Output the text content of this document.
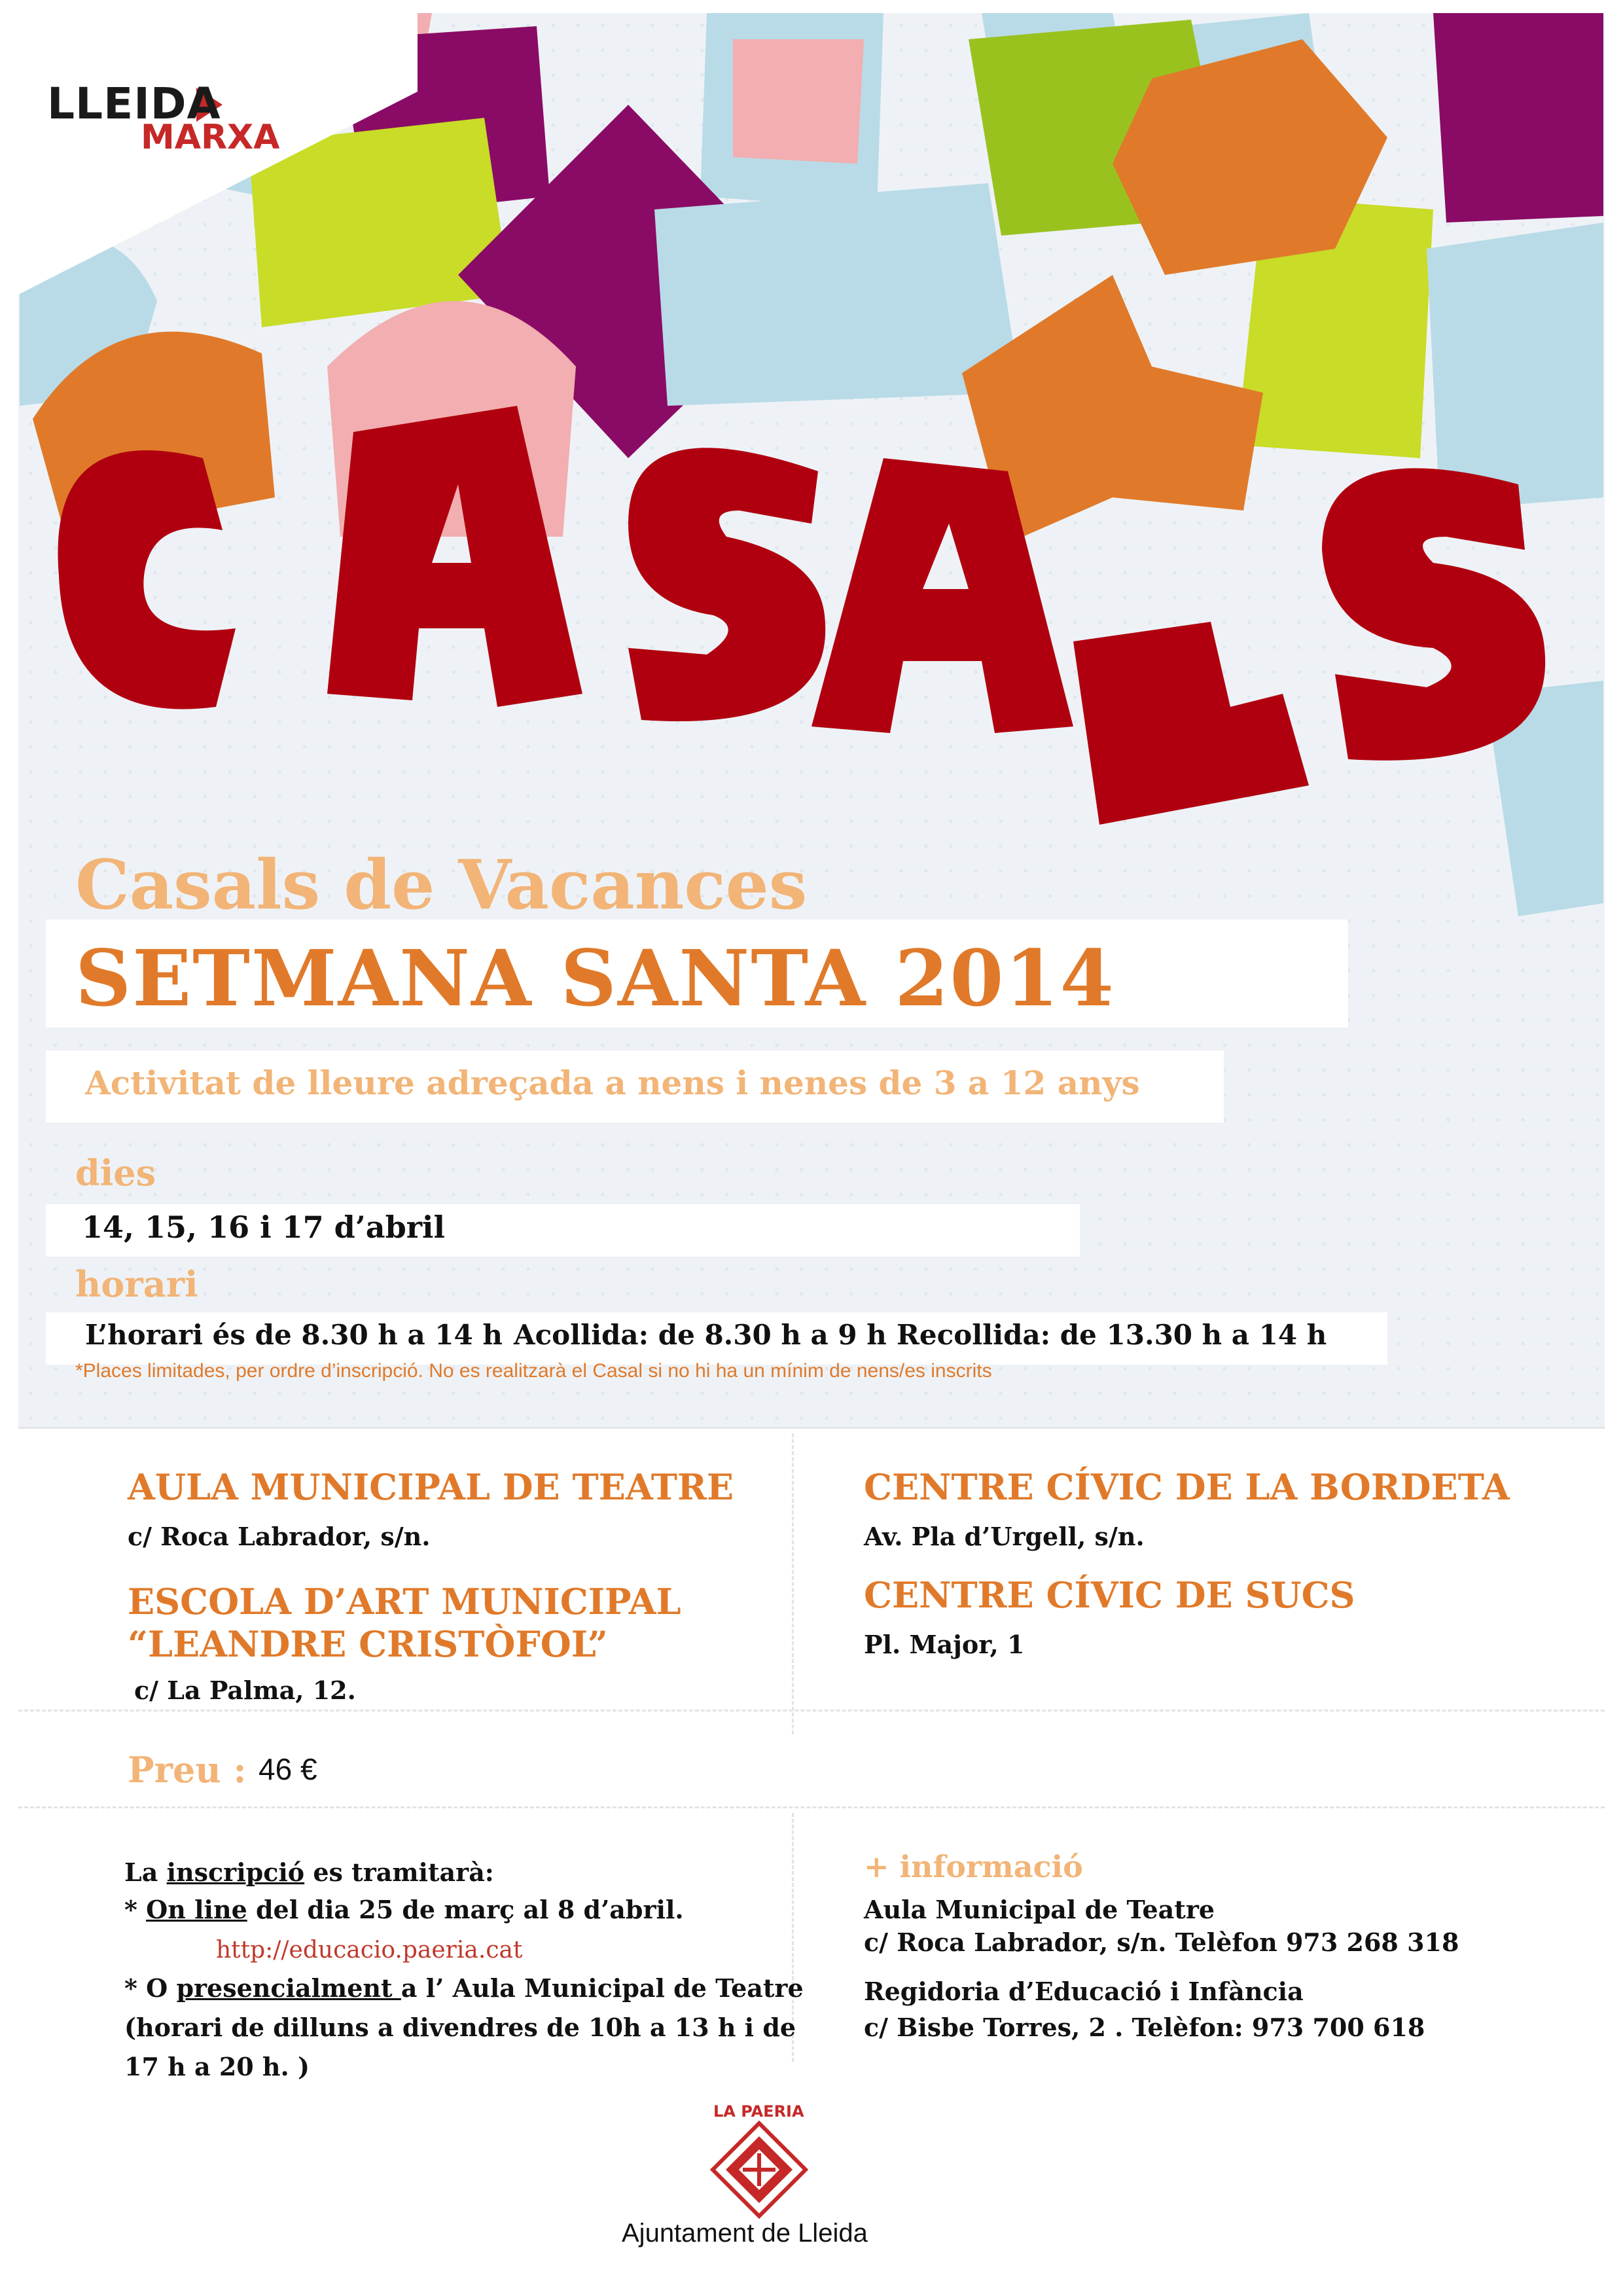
LLEIDA
MARXA
Casals de Vacances
SETMANA SANTA 2014
Activitat de lleure adreçada a nens i nenes de 3 a 12 anys
dies
14, 15, 16 i 17 d’abril
horari
L’horari és de 8.30 h a 14 h Acollida: de 8.30 h a 9 h Recollida: de 13.30 h a 14 h
*Places limitades, per ordre d’inscripció. No es realitzarà el Casal si no hi ha un mínim de nens/es inscrits
AULA MUNICIPAL DE TEATRE
c/ Roca Labrador, s/n.
ESCOLA D’ART MUNICIPAL
“LEANDRE CRISTÒFOL”
c/ La Palma, 12.
CENTRE CÍVIC DE LA BORDETA
Av. Pla d’Urgell, s/n.
CENTRE CÍVIC DE SUCS
Pl. Major, 1
Preu : 46 €
La inscripció es tramitarà:
* On line del dia 25 de març al 8 d’abril.
http://educacio.paeria.cat
* O presencialment a l’ Aula Municipal de Teatre
(horari de dilluns a divendres de 10h a 13 h i de
17 h a 20 h. )
+ informació
Aula Municipal de Teatre
c/ Roca Labrador, s/n. Telèfon 973 268 318
Regidoria d’Educació i Infància
c/ Bisbe Torres, 2 . Telèfon: 973 700 618
LA PAERIA
Ajuntament de Lleida
